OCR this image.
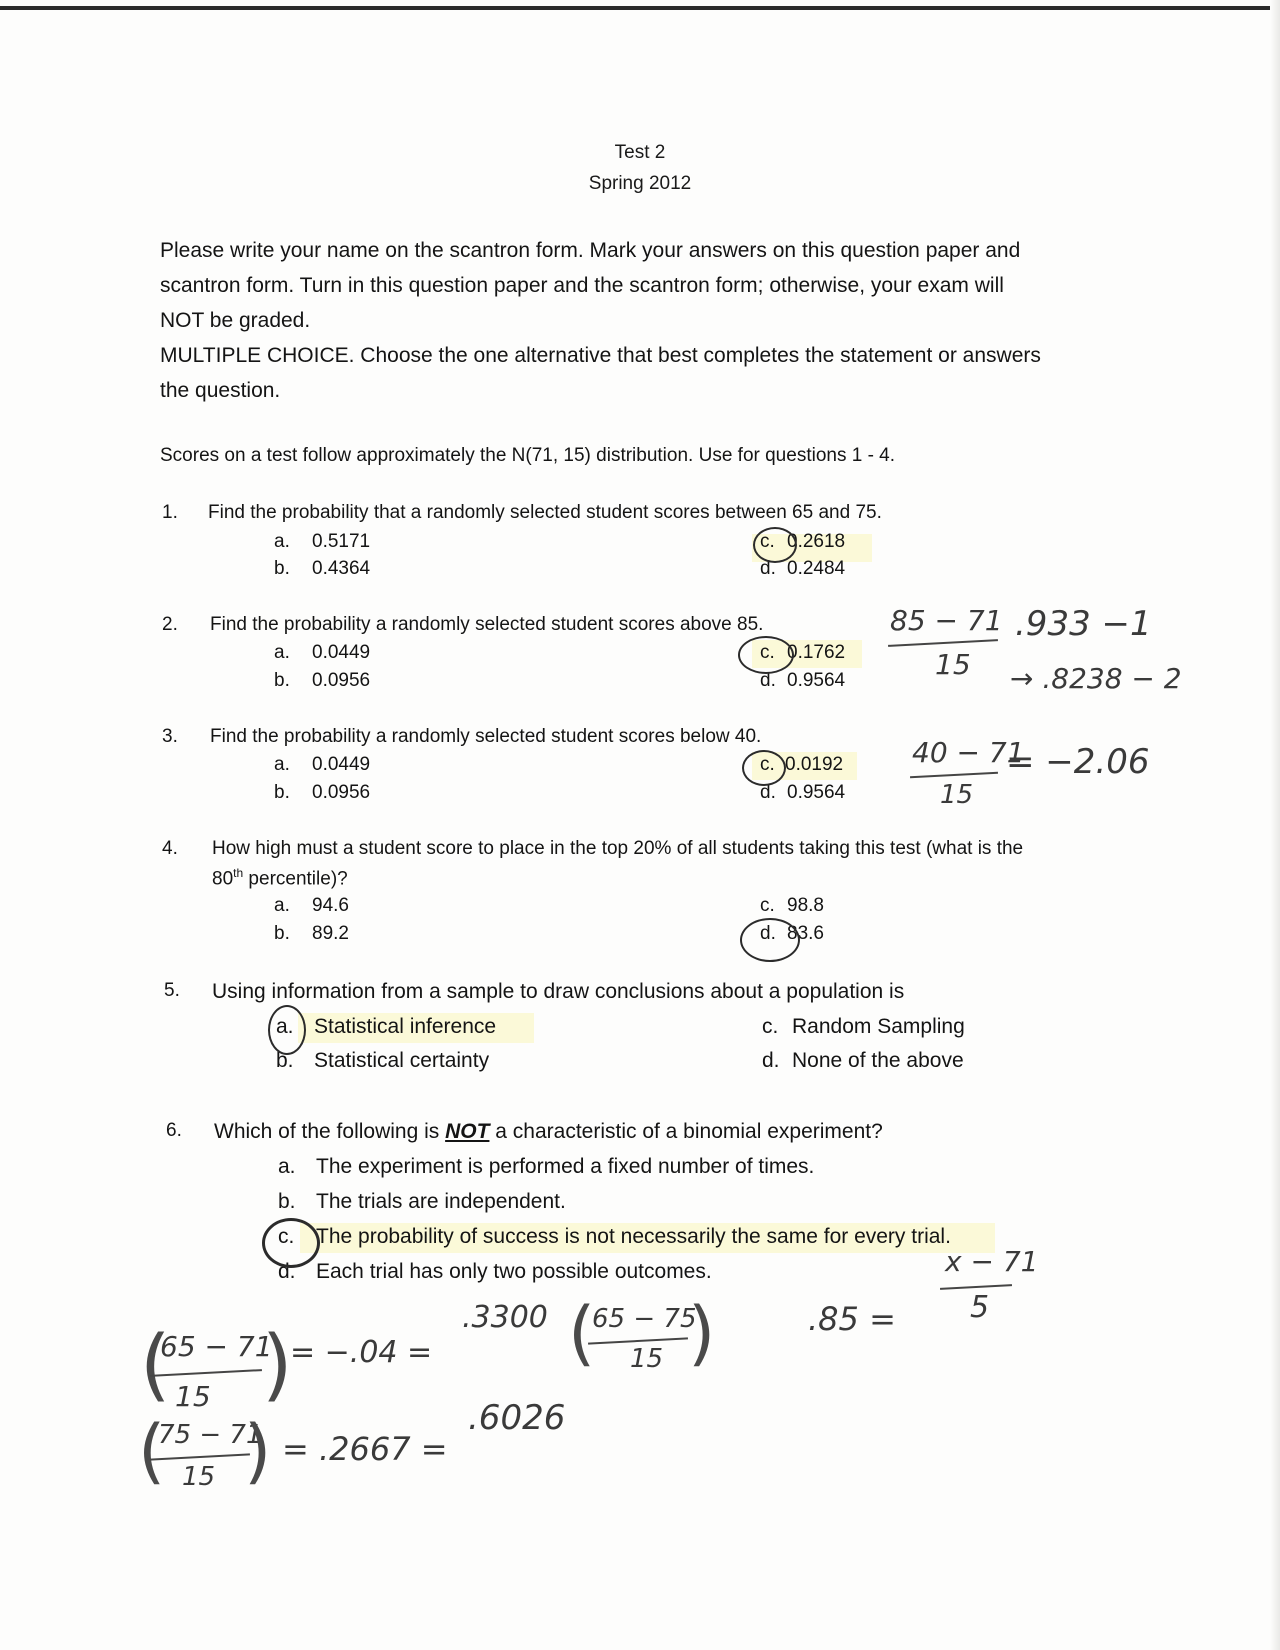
Test 2
Spring 2012
Please write your name on the scantron form. Mark your answers on this question paper and
scantron form. Turn in this question paper and the scantron form; otherwise, your exam will
NOT be graded.
MULTIPLE CHOICE. Choose the one alternative that best completes the statement or answers
the question.
Scores on a test follow approximately the N(71, 15) distribution. Use for questions 1 - 4.
1. Find the probability that a randomly selected student scores between 65 and 75.
a. 0.5171
b. 0.4364
c. 0.2618
d. 0.2484
2. Find the probability a randomly selected student scores above 85.
a. 0.0449
b. 0.0956
c. 0.1762
d. 0.9564
3. Find the probability a randomly selected student scores below 40.
a. 0.0449
b. 0.0956
c. 0.0192
d. 0.9564
4. How high must a student score to place in the top 20% of all students taking this test (what is the
80th percentile)?
a. 94.6
b. 89.2
c. 98.8
d. 83.6
5. Using information from a sample to draw conclusions about a population is
a. Statistical inference
b. Statistical certainty
c. Random Sampling
d. None of the above
6. Which of the following is NOT a characteristic of a binomial experiment?
a. The experiment is performed a fixed number of times.
b. The trials are independent.
c. The probability of success is not necessarily the same for every trial.
d. Each trial has only two possible outcomes.
85 − 71
15
.933 −1
→ .8238 − 2
40 − 71
15
= −2.06
x − 71
.85 = 5
(
65 − 71
15 )
= −.04 =
.3300 (
65 − 75
15 )
(
75 − 71
15 ) = .2667 =
.6026
